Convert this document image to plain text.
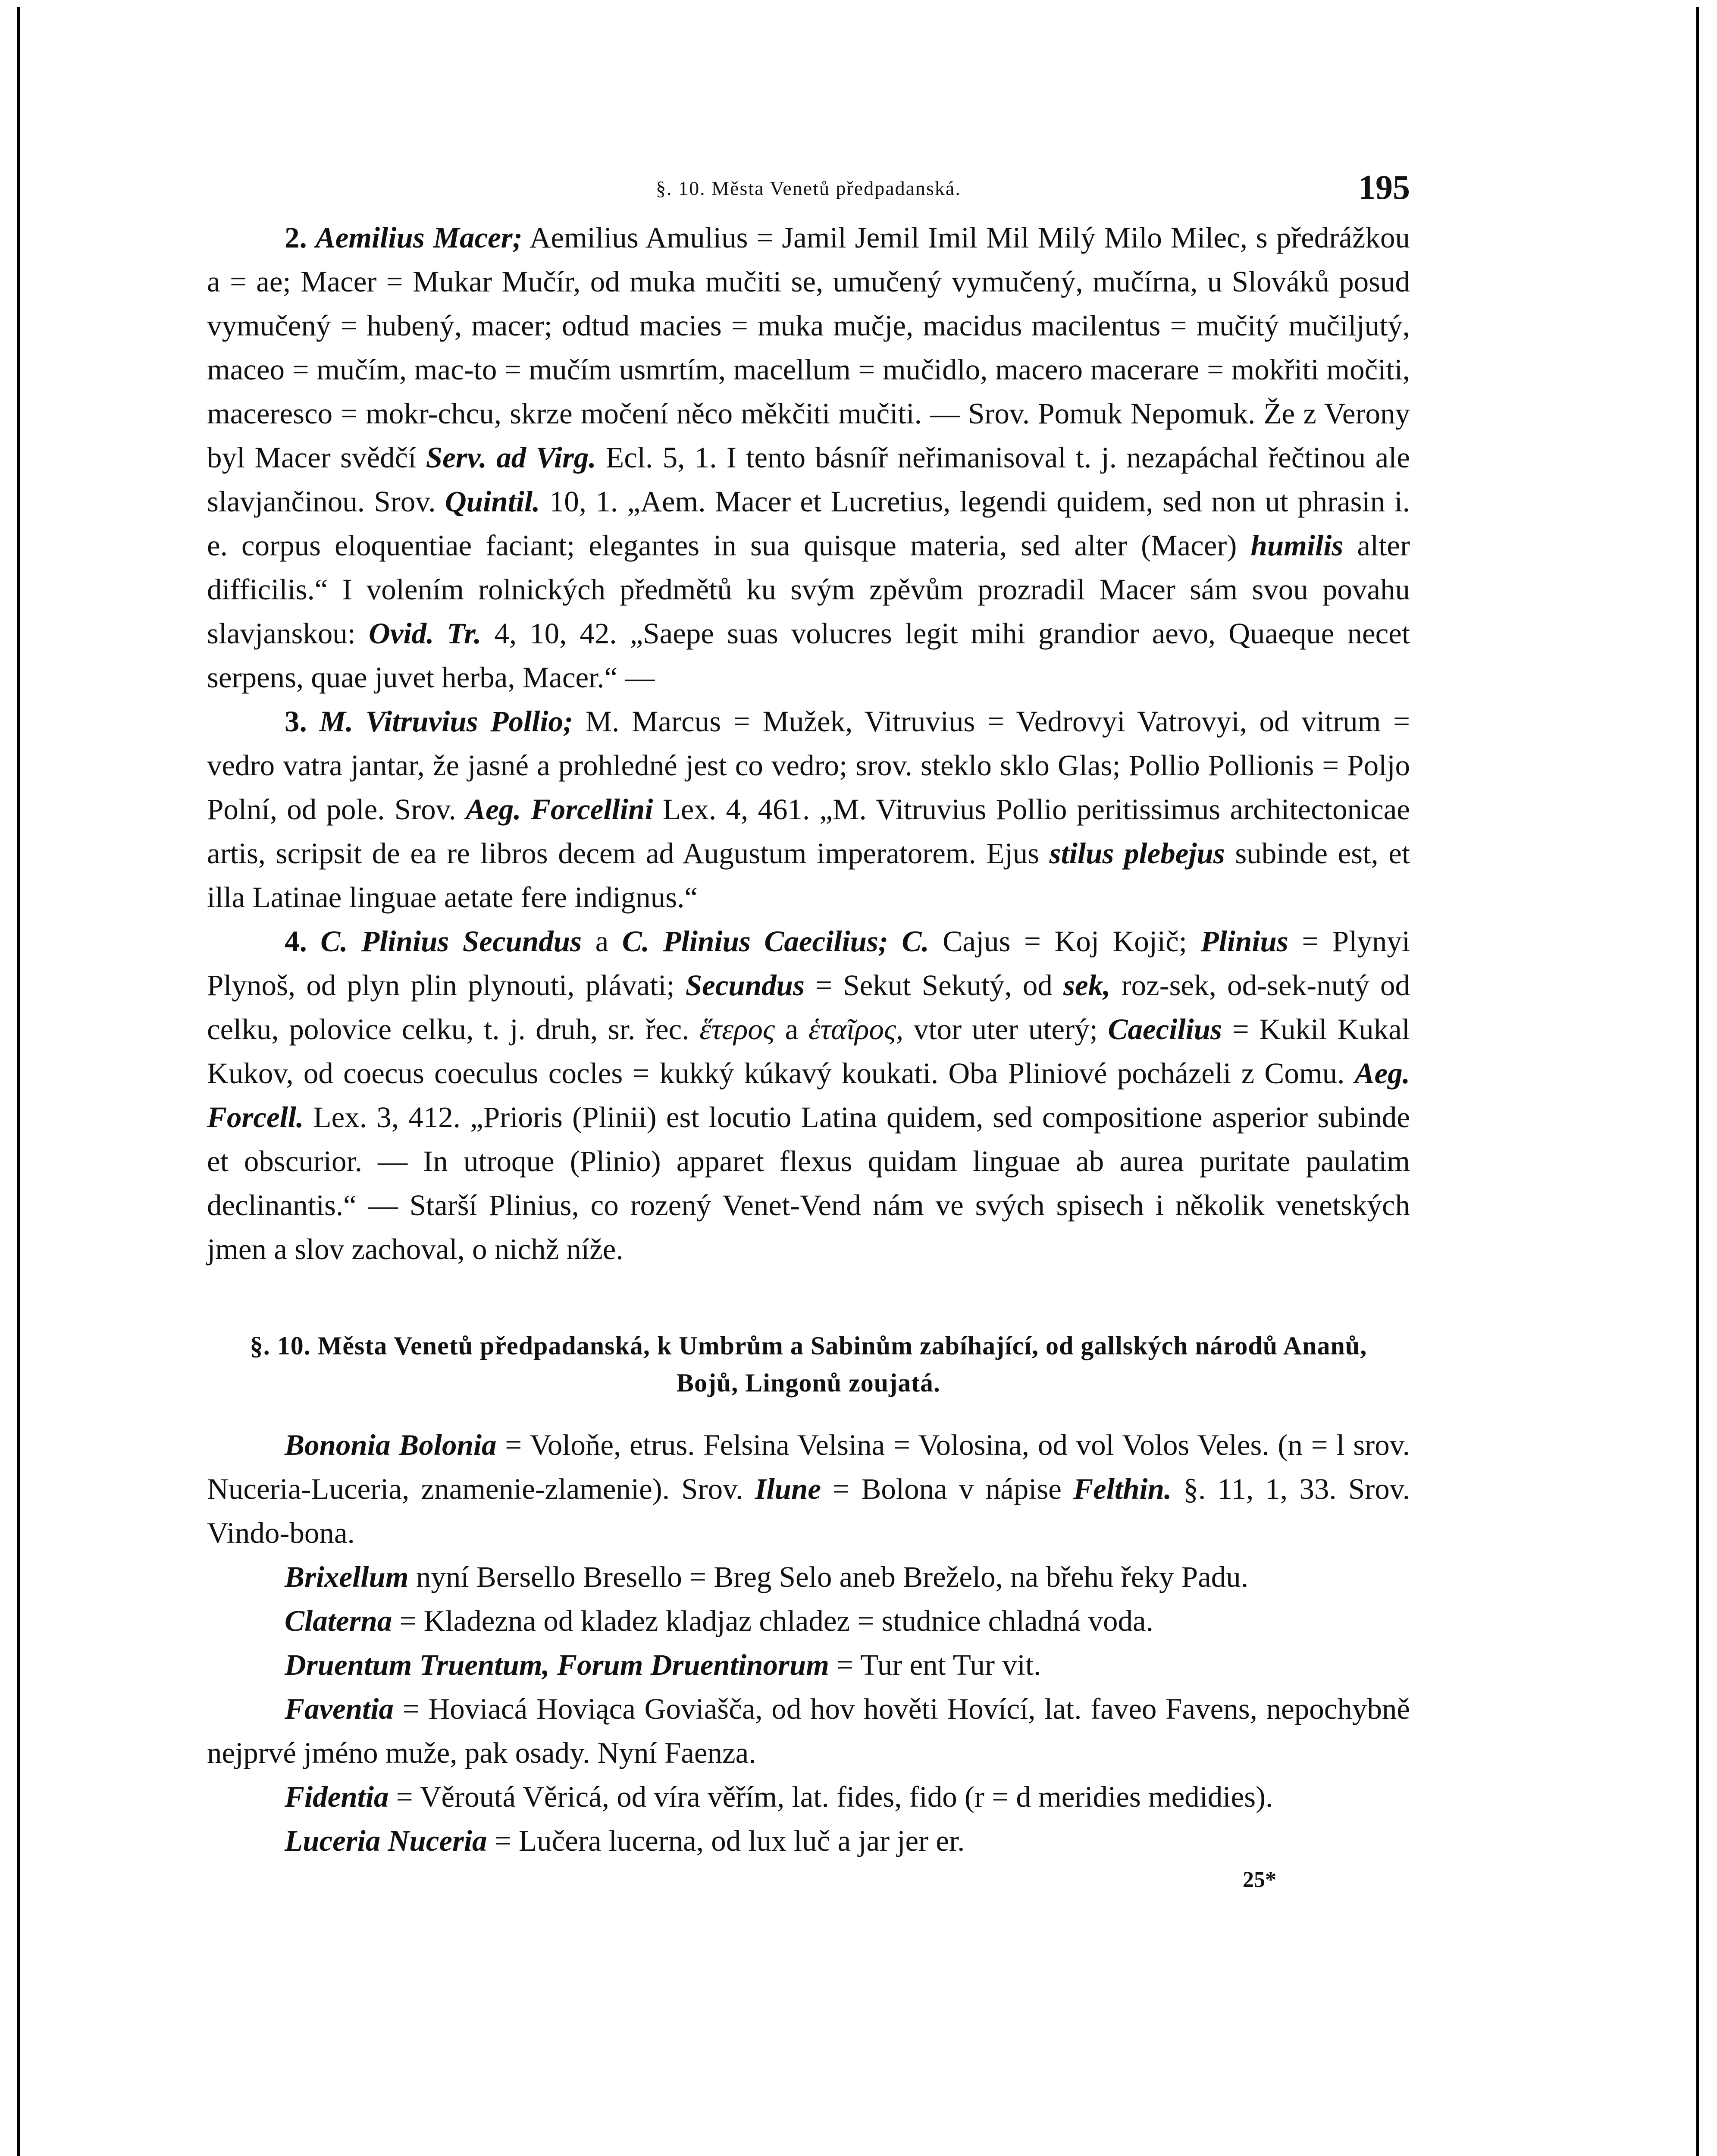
§. 10. Města Venetů předpadanská.	195

2. Aemilius Macer; Aemilius Amulius = Jamil Jemil Imil Mil Milý Milo Milec, s předrážkou a = ae; Macer = Mukar Mučír, od muka mučiti se, umučený vymučený, mučírna, u Slováků posud vymučený = hubený, macer; odtud macies = muka mučje, macidus macilentus = mučitý mučiljutý, maceo = mučím, mac-to = mučím usmrtím, macellum = mučidlo, macero macerare = mokřiti močiti, maceresco = mokr-chcu, skrze močení něco měkčiti mučiti. — Srov. Pomuk Nepomuk. Že z Verony byl Macer svědčí Serv. ad Virg. Ecl. 5, 1. I tento básníř neřimanisoval t. j. nezapáchal řečtinou ale slavjančinou. Srov. Quintil. 10, 1. „Aem. Macer et Lucretius, legendi quidem, sed non ut phrasin i. e. corpus eloquentiae faciant; elegantes in sua quisque materia, sed alter (Macer) humilis alter difficilis.“ I volením rolnických předmětů ku svým zpěvům prozradil Macer sám svou povahu slavjanskou: Ovid. Tr. 4, 10, 42. „Saepe suas volucres legit mihi grandior aevo, Quaeque necet serpens, quae juvet herba, Macer.“ —

3. M. Vitruvius Pollio; M. Marcus = Mužek, Vitruvius = Vedrovyi Vatrovyi, od vitrum = vedro vatra jantar, že jasné a prohledné jest co vedro; srov. steklo sklo Glas; Pollio Pollionis = Poljo Polní, od pole. Srov. Aeg. Forcellini Lex. 4, 461. „M. Vitruvius Pollio peritissimus architectonicae artis, scripsit de ea re libros decem ad Augustum imperatorem. Ejus stilus plebejus subinde est, et illa Latinae linguae aetate fere indignus.“

4. C. Plinius Secundus a C. Plinius Caecilius; C. Cajus = Koj Kojič; Plinius = Plynyi Plynoš, od plyn plin plynouti, plávati; Secundus = Sekut Sekutý, od sek, roz-sek, od-sek-nutý od celku, polovice celku, t. j. druh, sr. řec. ἕτερος a ἑταῖρος, vtor uter uterý; Caecilius = Kukil Kukal Kukov, od coecus coeculus cocles = kukký kúkavý koukati. Oba Pliniové pocházeli z Comu. Aeg. Forcell. Lex. 3, 412. „Prioris (Plinii) est locutio Latina quidem, sed compositione asperior subinde et obscurior. — In utroque (Plinio) apparet flexus quidam linguae ab aurea puritate paulatim declinantis.“ — Starší Plinius, co rozený Venet-Vend nám ve svých spisech i několik venetských jmen a slov zachoval, o nichž níže.

§. 10. Města Venetů předpadanská, k Umbrům a Sabinům zabíhající, od gallských národů Ananů, Bojů, Lingonů zoujatá.

Bononia Bolonia = Voloňe, etrus. Felsina Velsina = Volosina, od vol Volos Veles. (n = l srov. Nuceria-Luceria, znamenie-zlamenie). Srov. Ilune = Bolona v nápise Felthin. §. 11, 1, 33. Srov. Vindo-bona.

Brixellum nyní Bersello Bresello = Breg Selo aneb Breželo, na břehu řeky Padu.

Claterna = Kladezna od kladez kladjaz chladez = studnice chladná voda.

Druentum Truentum, Forum Druentinorum = Tur ent Tur vit.

Faventia = Hoviacá Hoviąca Goviašča, od hov hověti Hovící, lat. faveo Favens, nepochybně nejprvé jméno muže, pak osady. Nyní Faenza.

Fidentia = Věroutá Věricá, od víra věřím, lat. fides, fido (r = d meridies medidies).

Luceria Nuceria = Lučera lucerna, od lux luč a jar jer er.

25*
